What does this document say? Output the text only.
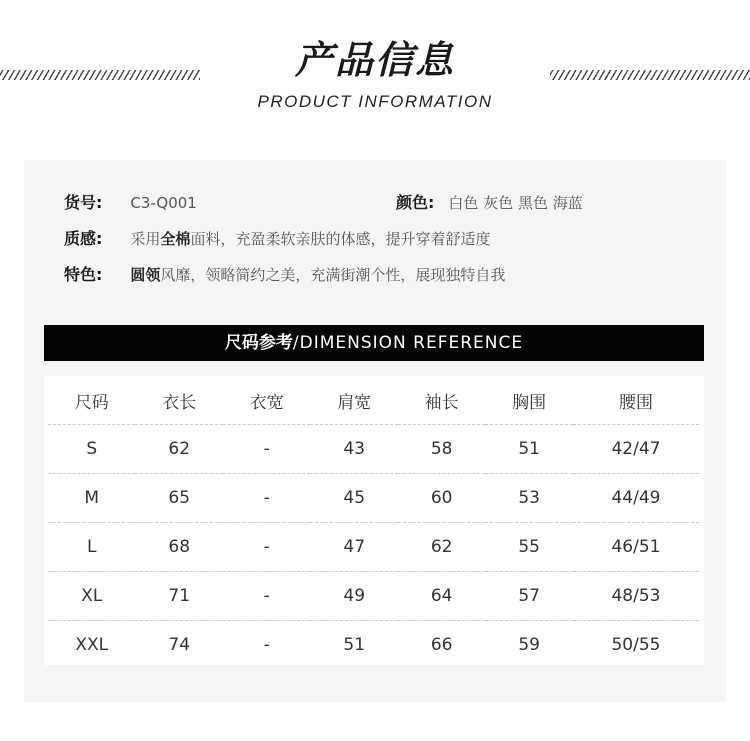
产品信息
PRODUCT INFORMATION
货号: C3-Q001	颜色: 白色 灰色 黑色 海蓝
质感: 采用全棉面料，充盈柔软亲肤的体感，提升穿着舒适度
特色: 圆领风靡，领略简约之美，充满街潮个性，展现独特自我
尺码参考/DIMENSION REFERENCE
尺码	衣长	衣宽	肩宽	袖长	胸围	腰围
S	62	-	43	58	51	42/47
M	65	-	45	60	53	44/49
L	68	-	47	62	55	46/51
XL	71	-	49	64	57	48/53
XXL	74	-	51	66	59	50/55
